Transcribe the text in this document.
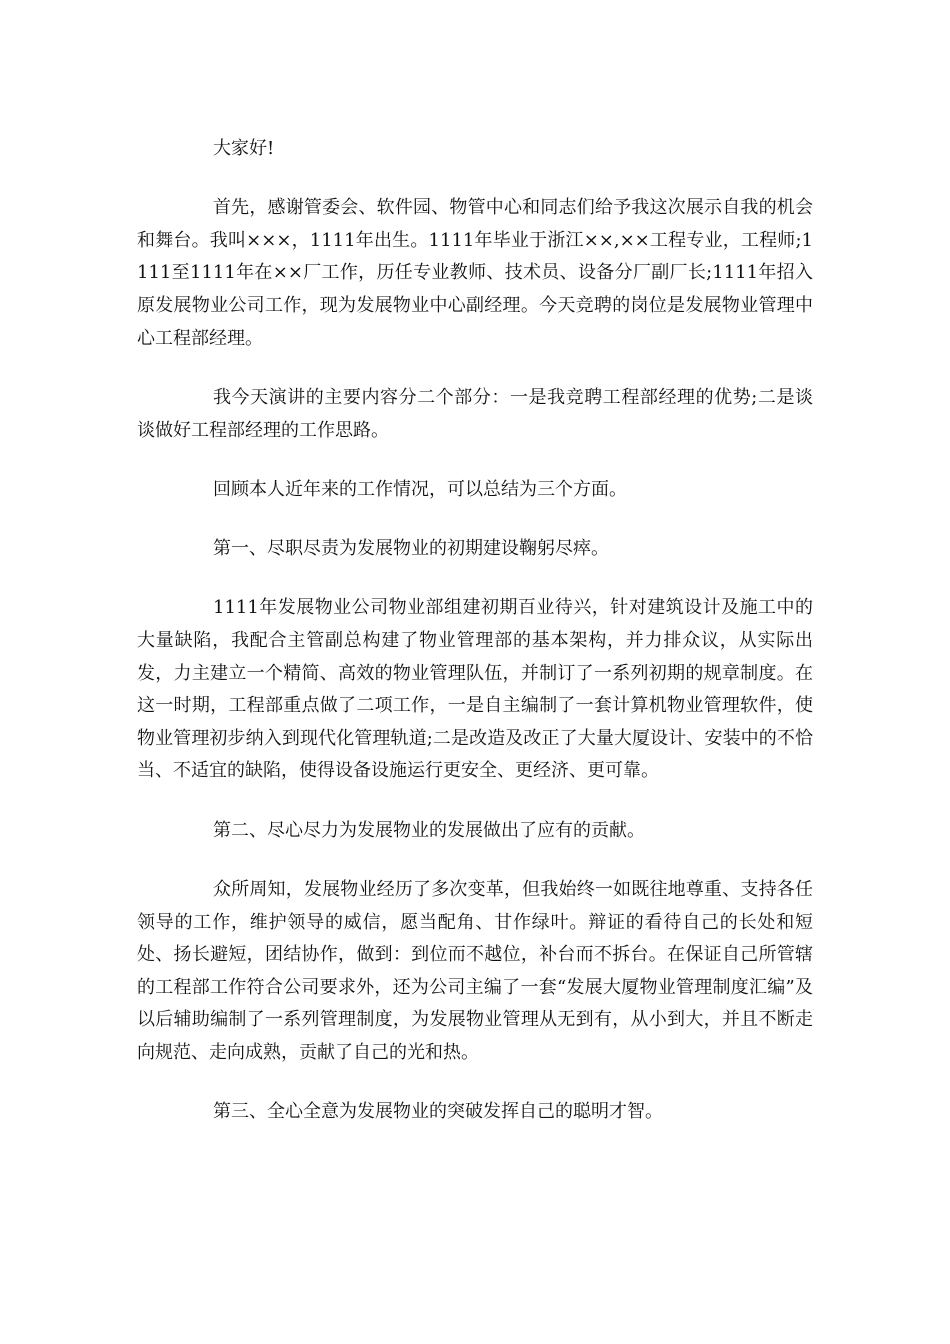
大家好!

首先，感谢管委会、软件园、物管中心和同志们给予我这次展示自我的机会和舞台。我叫×××，1111年出生。1111年毕业于浙江××,××工程专业，工程师;1111至1111年在××厂工作，历任专业教师、技术员、设备分厂副厂长;1111年招入原发展物业公司工作，现为发展物业中心副经理。今天竞聘的岗位是发展物业管理中心工程部经理。

我今天演讲的主要内容分二个部分：一是我竞聘工程部经理的优势;二是谈谈做好工程部经理的工作思路。

回顾本人近年来的工作情况，可以总结为三个方面。

第一、尽职尽责为发展物业的初期建设鞠躬尽瘁。

1111年发展物业公司物业部组建初期百业待兴，针对建筑设计及施工中的大量缺陷，我配合主管副总构建了物业管理部的基本架构，并力排众议，从实际出发，力主建立一个精简、高效的物业管理队伍，并制订了一系列初期的规章制度。在这一时期，工程部重点做了二项工作，一是自主编制了一套计算机物业管理软件，使物业管理初步纳入到现代化管理轨道;二是改造及改正了大量大厦设计、安装中的不恰当、不适宜的缺陷，使得设备设施运行更安全、更经济、更可靠。

第二、尽心尽力为发展物业的发展做出了应有的贡献。

众所周知，发展物业经历了多次变革，但我始终一如既往地尊重、支持各任领导的工作，维护领导的威信，愿当配角、甘作绿叶。辩证的看待自己的长处和短处、扬长避短，团结协作，做到：到位而不越位，补台而不拆台。在保证自己所管辖的工程部工作符合公司要求外，还为公司主编了一套“发展大厦物业管理制度汇编”及以后辅助编制了一系列管理制度，为发展物业管理从无到有，从小到大，并且不断走向规范、走向成熟，贡献了自己的光和热。

第三、全心全意为发展物业的突破发挥自己的聪明才智。
